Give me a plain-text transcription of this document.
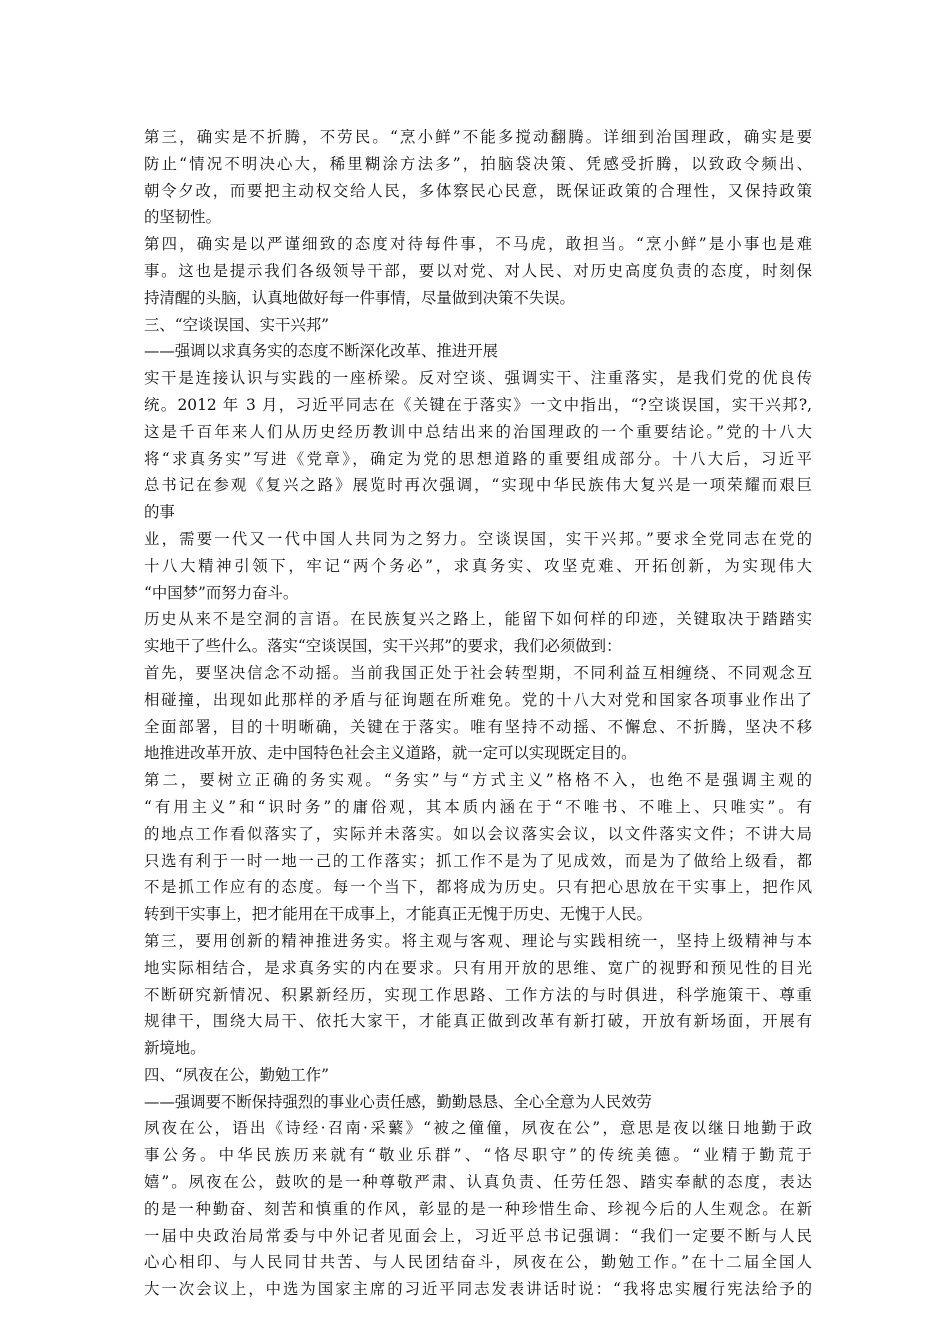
第三，确实是不折腾，不劳民。“烹小鲜”不能多搅动翻腾。详细到治国理政，确实是要
防止“情况不明决心大，稀里糊涂方法多”，拍脑袋决策、凭感受折腾，以致政令频出、
朝令夕改，而要把主动权交给人民，多体察民心民意，既保证政策的合理性，又保持政策
的坚韧性。
第四，确实是以严谨细致的态度对待每件事，不马虎，敢担当。“烹小鲜”是小事也是难
事。这也是提示我们各级领导干部，要以对党、对人民、对历史高度负责的态度，时刻保
持清醒的头脑，认真地做好每一件事情，尽量做到决策不失误。
三、“空谈误国、实干兴邦”
——强调以求真务实的态度不断深化改革、推进开展
实干是连接认识与实践的一座桥梁。反对空谈、强调实干、注重落实，是我们党的优良传
统。2012 年 3 月，习近平同志在《关键在于落实》一文中指出，“?空谈误国，实干兴邦?,
这是千百年来人们从历史经历教训中总结出来的治国理政的一个重要结论。”党的十八大
将“求真务实”写进《党章》，确定为党的思想道路的重要组成部分。十八大后，习近平
总书记在参观《复兴之路》展览时再次强调，“实现中华民族伟大复兴是一项荣耀而艰巨
的事
业，需要一代又一代中国人共同为之努力。空谈误国，实干兴邦。”要求全党同志在党的
十八大精神引领下，牢记“两个务必”，求真务实、攻坚克难、开拓创新，为实现伟大
“中国梦”而努力奋斗。
历史从来不是空洞的言语。在民族复兴之路上，能留下如何样的印迹，关键取决于踏踏实
实地干了些什么。落实“空谈误国，实干兴邦”的要求，我们必须做到：
首先，要坚决信念不动摇。当前我国正处于社会转型期，不同利益互相缠绕、不同观念互
相碰撞，出现如此那样的矛盾与征询题在所难免。党的十八大对党和国家各项事业作出了
全面部署，目的十明晰确，关键在于落实。唯有坚持不动摇、不懈怠、不折腾，坚决不移
地推进改革开放、走中国特色社会主义道路，就一定可以实现既定目的。
第二，要树立正确的务实观。“务实”与“方式主义”格格不入，也绝不是强调主观的
“有用主义”和“识时务”的庸俗观，其本质内涵在于“不唯书、不唯上、只唯实”。有
的地点工作看似落实了，实际并未落实。如以会议落实会议，以文件落实文件；不讲大局
只选有利于一时一地一己的工作落实；抓工作不是为了见成效，而是为了做给上级看，都
不是抓工作应有的态度。每一个当下，都将成为历史。只有把心思放在干实事上，把作风
转到干实事上，把才能用在干成事上，才能真正无愧于历史、无愧于人民。
第三，要用创新的精神推进务实。将主观与客观、理论与实践相统一，坚持上级精神与本
地实际相结合，是求真务实的内在要求。只有用开放的思维、宽广的视野和预见性的目光
不断研究新情况、积累新经历，实现工作思路、工作方法的与时俱进，科学施策干、尊重
规律干，围绕大局干、依托大家干，才能真正做到改革有新打破，开放有新场面，开展有
新境地。
四、“夙夜在公，勤勉工作”
——强调要不断保持强烈的事业心责任感，勤勤恳恳、全心全意为人民效劳
夙夜在公，语出《诗经·召南·采蘩》“被之僮僮，夙夜在公”，意思是夜以继日地勤于政
事公务。中华民族历来就有“敬业乐群”、“恪尽职守”的传统美德。“业精于勤荒于
嬉”。夙夜在公，鼓吹的是一种尊敬严肃、认真负责、任劳任怨、踏实奉献的态度，表达
的是一种勤奋、刻苦和慎重的作风，彰显的是一种珍惜生命、珍视今后的人生观念。在新
一届中央政治局常委与中外记者见面会上，习近平总书记强调：“我们一定要不断与人民
心心相印、与人民同甘共苦、与人民团结奋斗，夙夜在公，勤勉工作。”在十二届全国人
大一次会议上，中选为国家主席的习近平同志发表讲话时说：“我将忠实履行宪法给予的
